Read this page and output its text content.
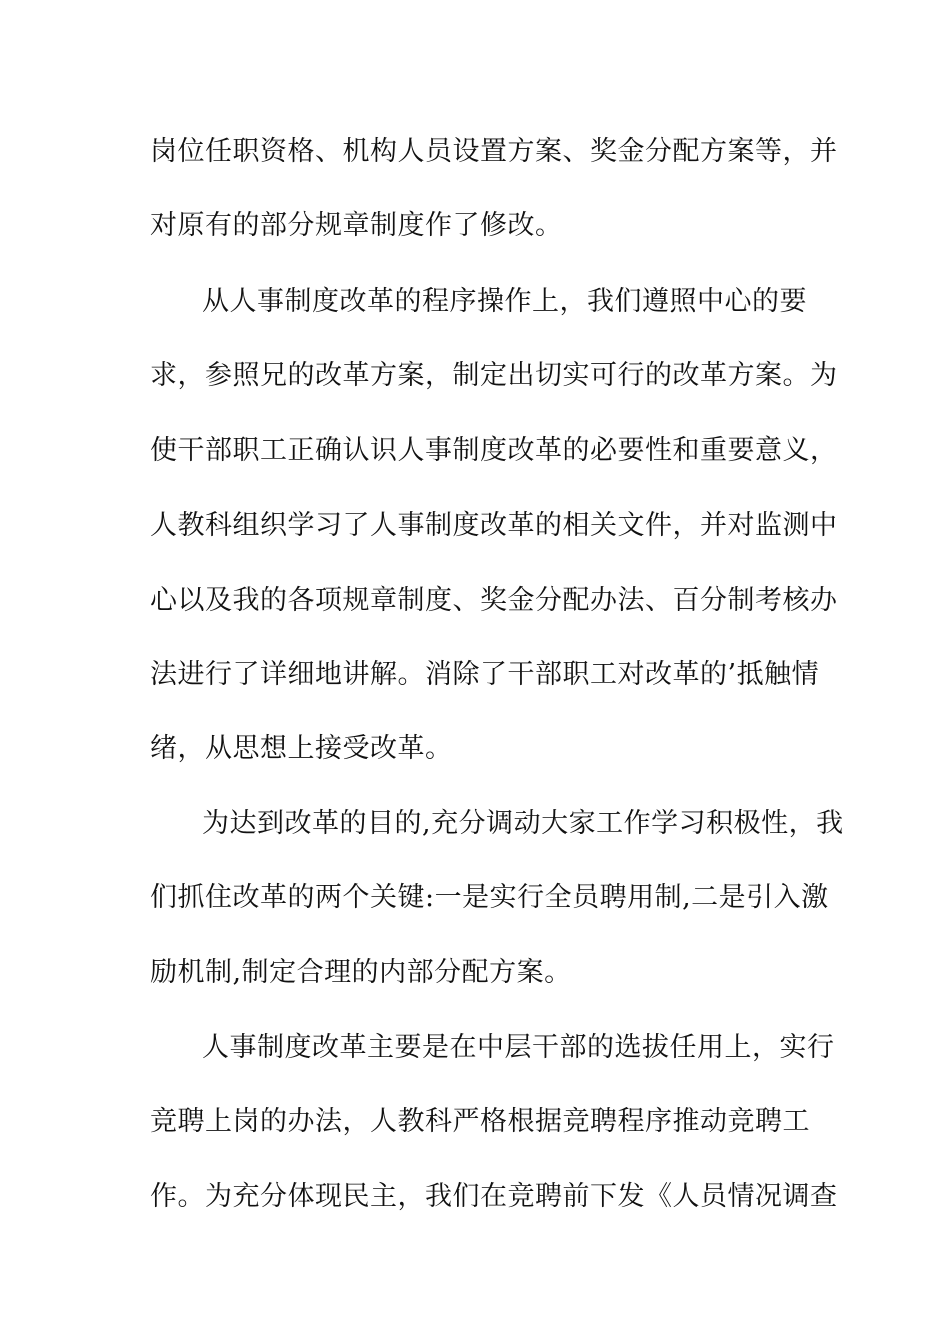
岗位任职资格、机构人员设置方案、奖金分配方案等，并
对原有的部分规章制度作了修改。
从人事制度改革的程序操作上，我们遵照中心的要
求，参照兄的改革方案，制定出切实可行的改革方案。为
使干部职工正确认识人事制度改革的必要性和重要意义，
人教科组织学习了人事制度改革的相关文件，并对监测中
心以及我的各项规章制度、奖金分配办法、百分制考核办
法进行了详细地讲解。消除了干部职工对改革的’抵触情
绪，从思想上接受改革。
为达到改革的目的,充分调动大家工作学习积极性，我
们抓住改革的两个关键:一是实行全员聘用制,二是引入激
励机制,制定合理的内部分配方案。
人事制度改革主要是在中层干部的选拔任用上，实行
竞聘上岗的办法，人教科严格根据竞聘程序推动竞聘工
作。为充分体现民主，我们在竞聘前下发《人员情况调查
